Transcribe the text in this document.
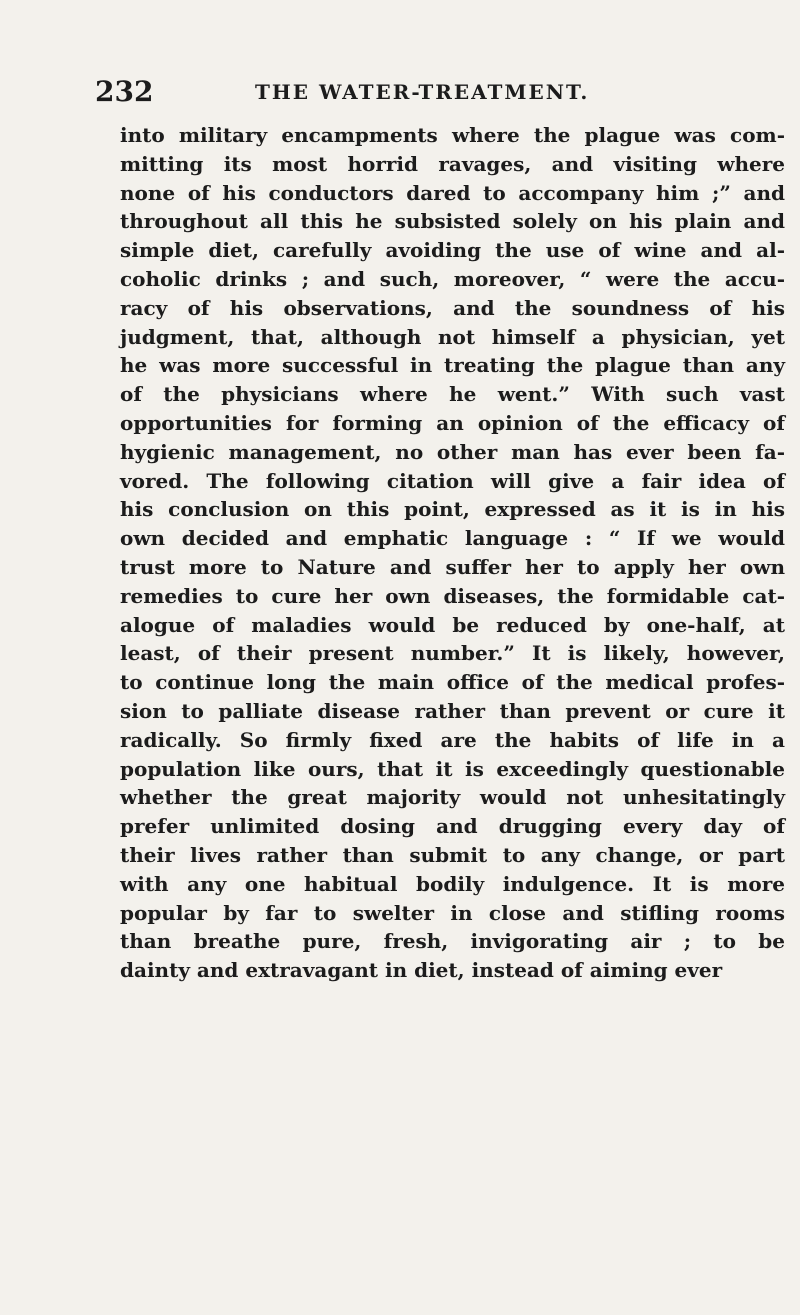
232	THE WATER-TREATMENT.
into military encampments where the plague was com-
mitting its most horrid ravages, and visiting where
none of his conductors dared to accompany him ;” and
throughout all this he subsisted solely on his plain and
simple diet, carefully avoiding the use of wine and al-
coholic drinks ; and such, moreover, “ were the accu-
racy of his observations, and the soundness of his
judgment, that, although not himself a physician, yet
he was more successful in treating the plague than any
of the physicians where he went.” With such vast
opportunities for forming an opinion of the efficacy of
hygienic management, no other man has ever been fa-
vored. The following citation will give a fair idea of
his conclusion on this point, expressed as it is in his
own decided and emphatic language : “ If we would
trust more to Nature and suffer her to apply her own
remedies to cure her own diseases, the formidable cat-
alogue of maladies would be reduced by one-half, at
least, of their present number.” It is likely, however,
to continue long the main office of the medical profes-
sion to palliate disease rather than prevent or cure it
radically. So firmly fixed are the habits of life in a
population like ours, that it is exceedingly questionable
whether the great majority would not unhesitatingly
prefer unlimited dosing and drugging every day of
their lives rather than submit to any change, or part
with any one habitual bodily indulgence. It is more
popular by far to swelter in close and stifling rooms
than breathe pure, fresh, invigorating air ; to be
dainty and extravagant in diet, instead of aiming ever
